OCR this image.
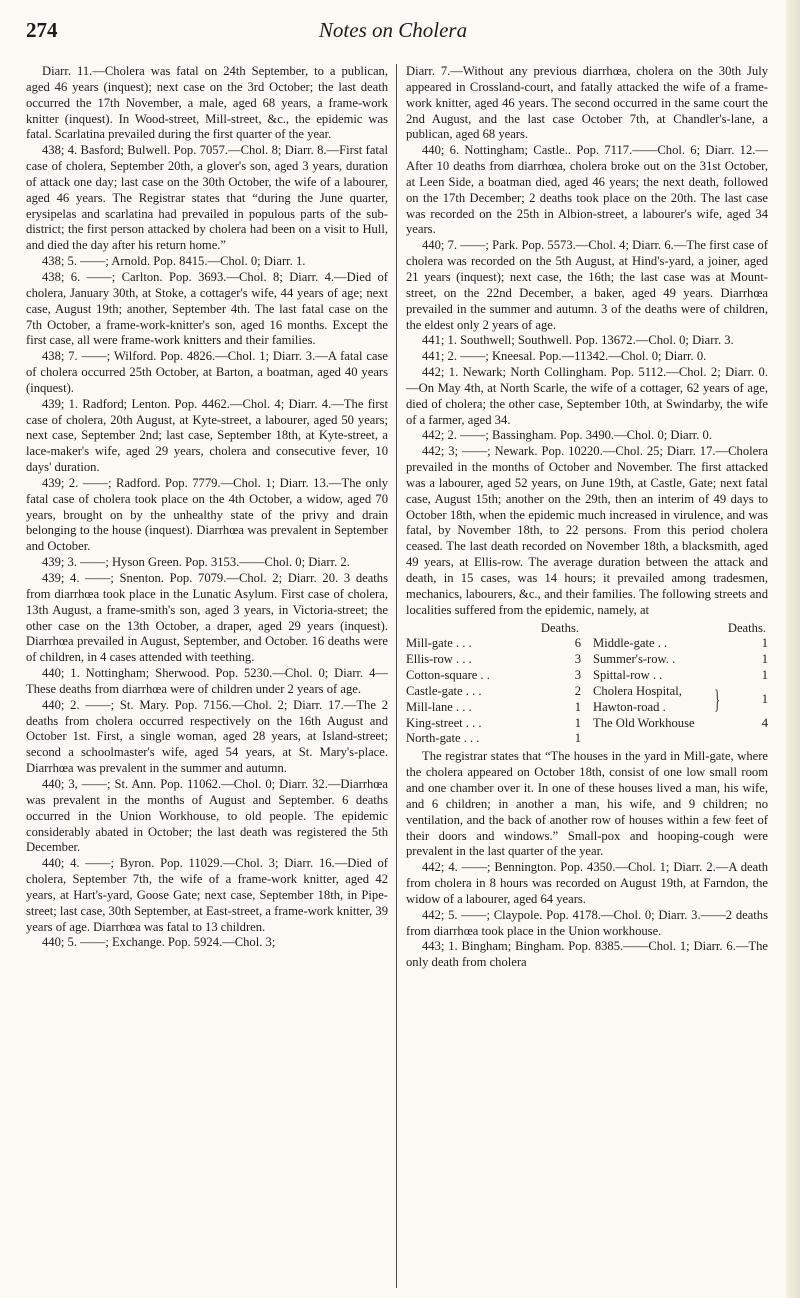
274	Notes on Cholera

Diarr. 11.—Cholera was fatal on 24th September, to a publican, aged 46 years (inquest); next case on the 3rd October; the last death occurred the 17th November, a male, aged 68 years, a frame-work knitter (inquest). In Wood-street, Mill-street, &c., the epidemic was fatal. Scarlatina prevailed during the first quarter of the year.

438; 4. Basford; Bulwell. Pop. 7057.—Chol. 8; Diarr. 8.—First fatal case of cholera, September 20th, a glover's son, aged 3 years, duration of attack one day; last case on the 30th October, the wife of a labourer, aged 46 years. The Registrar states that “during the June quarter, erysipelas and scarlatina had prevailed in populous parts of the sub-district; the first person attacked by cholera had been on a visit to Hull, and died the day after his return home.”

438; 5. ——; Arnold. Pop. 8415.—Chol. 0; Diarr. 1.

438; 6. ——; Carlton. Pop. 3693.—Chol. 8; Diarr. 4.—Died of cholera, January 30th, at Stoke, a cottager's wife, 44 years of age; next case, August 19th; another, September 4th. The last fatal case on the 7th October, a frame-work-knitter's son, aged 16 months. Except the first case, all were frame-work knitters and their families.

438; 7. ——; Wilford. Pop. 4826.—Chol. 1; Diarr. 3.—A fatal case of cholera occurred 25th October, at Barton, a boatman, aged 40 years (inquest).

439; 1. Radford; Lenton. Pop. 4462.—Chol. 4; Diarr. 4.—The first case of cholera, 20th August, at Kyte-street, a labourer, aged 50 years; next case, September 2nd; last case, September 18th, at Kyte-street, a lace-maker's wife, aged 29 years, cholera and consecutive fever, 10 days' duration.

439; 2. ——; Radford. Pop. 7779.—Chol. 1; Diarr. 13.—The only fatal case of cholera took place on the 4th October, a widow, aged 70 years, brought on by the unhealthy state of the privy and drain belonging to the house (inquest). Diarrhœa was prevalent in September and October.

439; 3. ——; Hyson Green. Pop. 3153.——Chol. 0; Diarr. 2.

439; 4. ——; Snenton. Pop. 7079.—Chol. 2; Diarr. 20. 3 deaths from diarrhœa took place in the Lunatic Asylum. First case of cholera, 13th August, a frame-smith's son, aged 3 years, in Victoria-street; the other case on the 13th October, a draper, aged 29 years (inquest). Diarrhœa prevailed in August, September, and October. 16 deaths were of children, in 4 cases attended with teething.

440; 1. Nottingham; Sherwood. Pop. 5230.—Chol. 0; Diarr. 4—These deaths from diarrhœa were of children under 2 years of age.

440; 2. ——; St. Mary. Pop. 7156.—Chol. 2; Diarr. 17.—The 2 deaths from cholera occurred respectively on the 16th August and October 1st. First, a single woman, aged 28 years, at Island-street; second a schoolmaster's wife, aged 54 years, at St. Mary's-place. Diarrhœa was prevalent in the summer and autumn.

440; 3, ——; St. Ann. Pop. 11062.—Chol. 0; Diarr. 32.—Diarrhœa was prevalent in the months of August and September. 6 deaths occurred in the Union Workhouse, to old people. The epidemic considerably abated in October; the last death was registered the 5th December.

440; 4. ——; Byron. Pop. 11029.—Chol. 3; Diarr. 16.—Died of cholera, September 7th, the wife of a frame-work knitter, aged 42 years, at Hart's-yard, Goose Gate; next case, September 18th, in Pipe-street; last case, 30th September, at East-street, a frame-work knitter, 39 years of age. Diarrhœa was fatal to 13 children.

440; 5. ——; Exchange. Pop. 5924.—Chol. 3;

Diarr. 7.—Without any previous diarrhœa, cholera on the 30th July appeared in Crossland-court, and fatally attacked the wife of a frame-work knitter, aged 46 years. The second occurred in the same court the 2nd August, and the last case October 7th, at Chandler's-lane, a publican, aged 68 years.

440; 6. Nottingham; Castle.. Pop. 7117.——Chol. 6; Diarr. 12.—After 10 deaths from diarrhœa, cholera broke out on the 31st October, at Leen Side, a boatman died, aged 46 years; the next death, followed on the 17th December; 2 deaths took place on the 20th. The last case was recorded on the 25th in Albion-street, a labourer's wife, aged 34 years.

440; 7. ——; Park. Pop. 5573.—Chol. 4; Diarr. 6.—The first case of cholera was recorded on the 5th August, at Hind's-yard, a joiner, aged 21 years (inquest); next case, the 16th; the last case was at Mount-street, on the 22nd December, a baker, aged 49 years. Diarrhœa prevailed in the summer and autumn. 3 of the deaths were of children, the eldest only 2 years of age.

441; 1. Southwell; Southwell. Pop. 13672.—Chol. 0; Diarr. 3.

441; 2. ——; Kneesal. Pop.—11342.—Chol. 0; Diarr. 0.

442; 1. Newark; North Collingham. Pop. 5112.—Chol. 2; Diarr. 0.—On May 4th, at North Scarle, the wife of a cottager, 62 years of age, died of cholera; the other case, September 10th, at Swindarby, the wife of a farmer, aged 34.

442; 2. ——; Bassingham. Pop. 3490.—Chol. 0; Diarr. 0.

442; 3; ——; Newark. Pop. 10220.—Chol. 25; Diarr. 17.—Cholera prevailed in the months of October and November. The first attacked was a labourer, aged 52 years, on June 19th, at Castle, Gate; next fatal case, August 15th; another on the 29th, then an interim of 49 days to October 18th, when the epidemic much increased in virulence, and was fatal, by November 18th, to 22 persons. From this period cholera ceased. The last death recorded on November 18th, a blacksmith, aged 49 years, at Ellis-row. The average duration between the attack and death, in 15 cases, was 14 hours; it prevailed among tradesmen, mechanics, labourers, &c., and their families. The following streets and localities suffered from the epidemic, namely, at

Deaths.
Mill-gate . . .	6
Ellis-row . . .	3
Cotton-square . .	3
Castle-gate . . .	2
Mill-lane . . .	1
King-street . . .	1
North-gate . . .	1
Deaths.
Middle-gate . .	1
Summer's-row. .	1
Spittal-row . .	1
Cholera Hospital,
Hawton-road .	}	1
The Old Workhouse	4

The registrar states that “The houses in the yard in Mill-gate, where the cholera appeared on October 18th, consist of one low small room and one chamber over it. In one of these houses lived a man, his wife, and 6 children; in another a man, his wife, and 9 children; no ventilation, and the back of another row of houses within a few feet of their doors and windows.” Small-pox and hooping-cough were prevalent in the last quarter of the year.

442; 4. ——; Bennington. Pop. 4350.—Chol. 1; Diarr. 2.—A death from cholera in 8 hours was recorded on August 19th, at Farndon, the widow of a labourer, aged 64 years.

442; 5. ——; Claypole. Pop. 4178.—Chol. 0; Diarr. 3.——2 deaths from diarrhœa took place in the Union workhouse.

443; 1. Bingham; Bingham. Pop. 8385.——Chol. 1; Diarr. 6.—The only death from cholera
